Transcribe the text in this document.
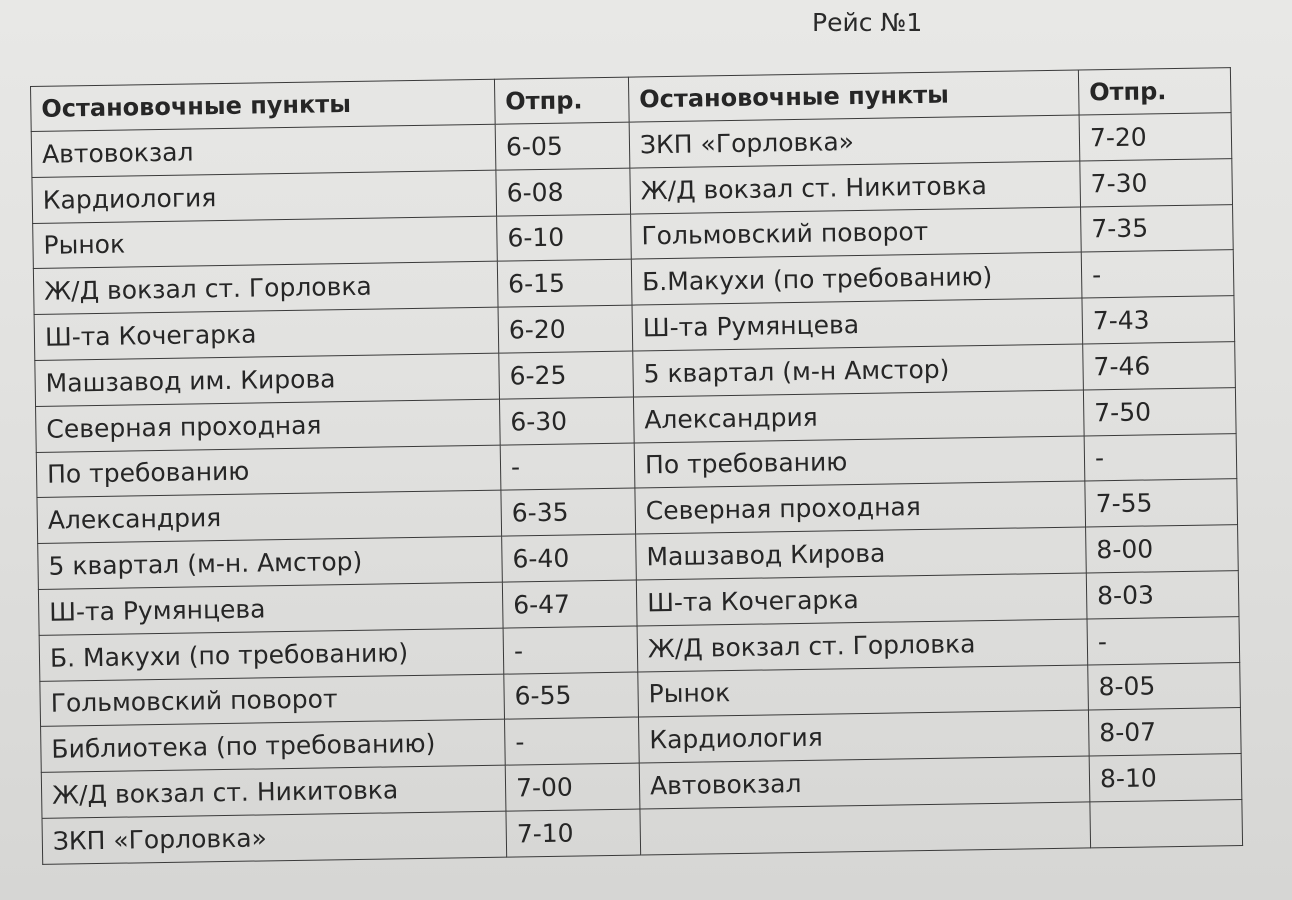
Рейс №1
Остановочные пункты	Отпр.	Остановочные пункты	Отпр.
Автовокзал	6-05	ЗКП «Горловка»	7-20
Кардиология	6-08	Ж/Д вокзал ст. Никитовка	7-30
Рынок	6-10	Гольмовский поворот	7-35
Ж/Д вокзал ст. Горловка	6-15	Б.Макухи (по требованию)	-
Ш-та Кочегарка	6-20	Ш-та Румянцева	7-43
Машзавод им. Кирова	6-25	5 квартал (м-н Амстор)	7-46
Северная проходная	6-30	Александрия	7-50
По требованию	-	По требованию	-
Александрия	6-35	Северная проходная	7-55
5 квартал (м-н. Амстор)	6-40	Машзавод Кирова	8-00
Ш-та Румянцева	6-47	Ш-та Кочегарка	8-03
Б. Макухи (по требованию)	-	Ж/Д вокзал ст. Горловка	-
Гольмовский поворот	6-55	Рынок	8-05
Библиотека (по требованию)	-	Кардиология	8-07
Ж/Д вокзал ст. Никитовка	7-00	Автовокзал	8-10
ЗКП «Горловка»	7-10		
